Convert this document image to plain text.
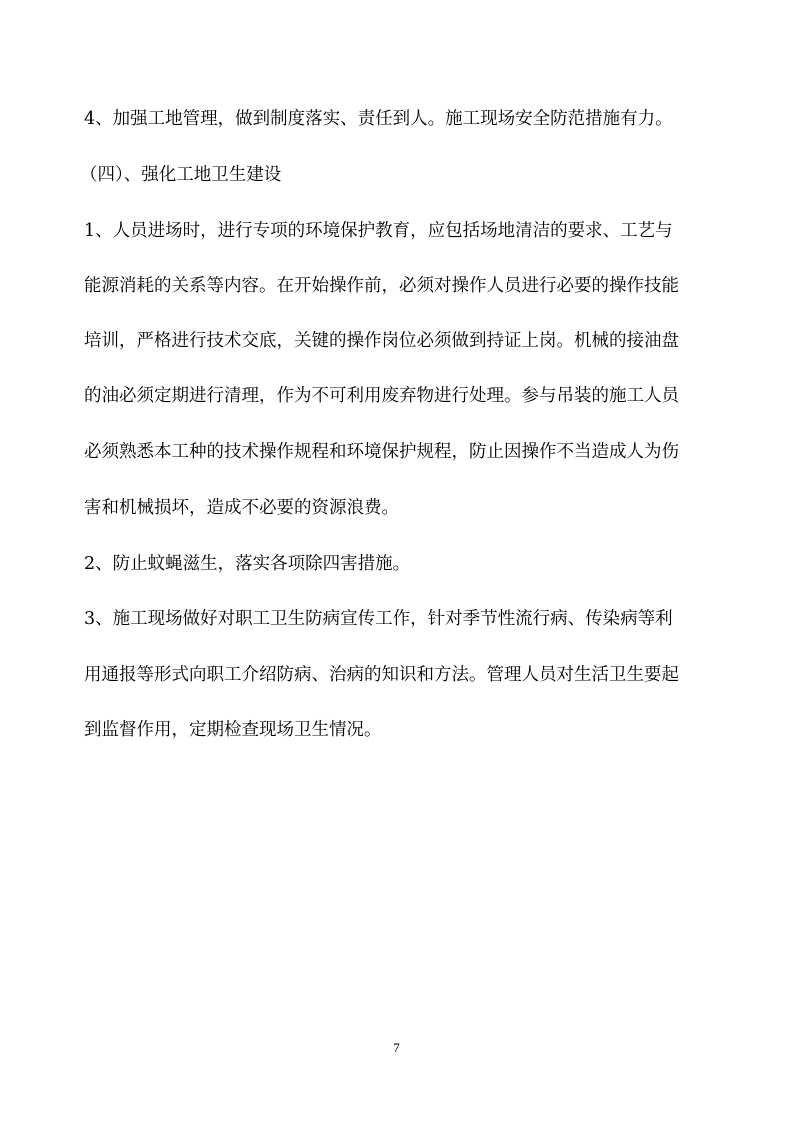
4、加强工地管理，做到制度落实、责任到人。施工现场安全防范措施有力。
（四）、强化工地卫生建设
1、人员进场时，进行专项的环境保护教育，应包括场地清洁的要求、工艺与
能源消耗的关系等内容。在开始操作前，必须对操作人员进行必要的操作技能
培训，严格进行技术交底，关键的操作岗位必须做到持证上岗。机械的接油盘
的油必须定期进行清理，作为不可利用废弃物进行处理。参与吊装的施工人员
必须熟悉本工种的技术操作规程和环境保护规程，防止因操作不当造成人为伤
害和机械损坏，造成不必要的资源浪费。
2、防止蚊蝇滋生，落实各项除四害措施。
3、施工现场做好对职工卫生防病宣传工作，针对季节性流行病、传染病等利
用通报等形式向职工介绍防病、治病的知识和方法。管理人员对生活卫生要起
到监督作用，定期检查现场卫生情况。
7
